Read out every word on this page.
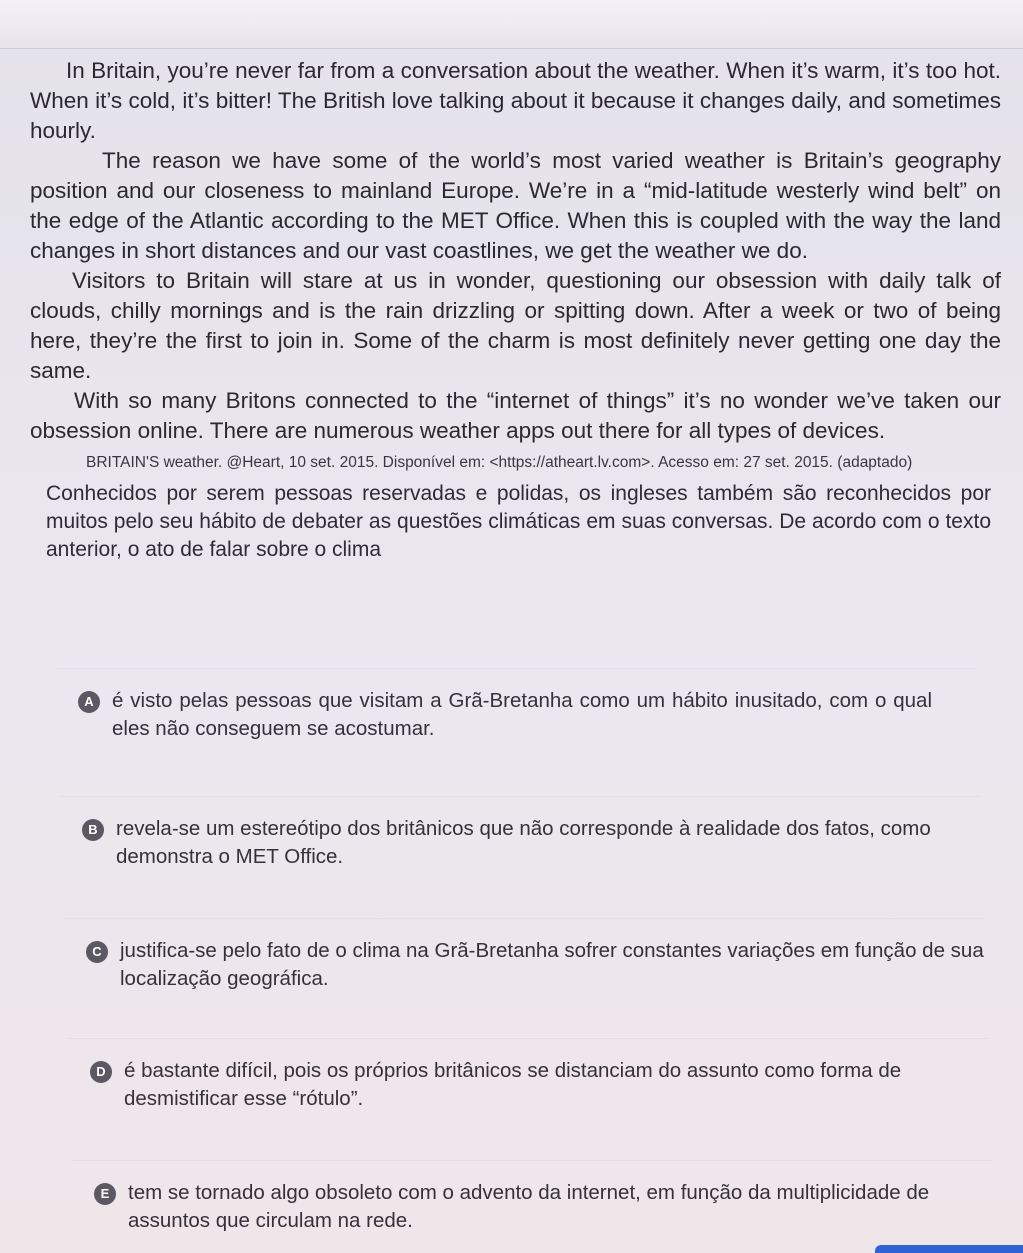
In Britain, you’re never far from a conversation about the weather. When it’s warm, it’s too hot. When it’s cold, it’s bitter! The British love talking about it because it changes daily, and sometimes hourly.

The reason we have some of the world’s most varied weather is Britain’s geography position and our closeness to mainland Europe. We’re in a “mid-latitude westerly wind belt” on the edge of the Atlantic according to the MET Office. When this is coupled with the way the land changes in short distances and our vast coastlines, we get the weather we do.

Visitors to Britain will stare at us in wonder, questioning our obsession with daily talk of clouds, chilly mornings and is the rain drizzling or spitting down. After a week or two of being here, they’re the first to join in. Some of the charm is most definitely never getting one day the same.

With so many Britons connected to the “internet of things” it’s no wonder we’ve taken our obsession online. There are numerous weather apps out there for all types of devices.

BRITAIN'S weather. @Heart, 10 set. 2015. Disponível em: <https://atheart.lv.com>. Acesso em: 27 set. 2015. (adaptado)
Conhecidos por serem pessoas reservadas e polidas, os ingleses também são reconhecidos por muitos pelo seu hábito de debater as questões climáticas em suas conversas. De acordo com o texto anterior, o ato de falar sobre o clima
A é visto pelas pessoas que visitam a Grã-Bretanha como um hábito inusitado, com o qual eles não conseguem se acostumar.
B revela-se um estereótipo dos britânicos que não corresponde à realidade dos fatos, como demonstra o MET Office.
C justifica-se pelo fato de o clima na Grã-Bretanha sofrer constantes variações em função de sua localização geográfica.
D é bastante difícil, pois os próprios britânicos se distanciam do assunto como forma de desmistificar esse “rótulo”.
E tem se tornado algo obsoleto com o advento da internet, em função da multiplicidade de assuntos que circulam na rede.
